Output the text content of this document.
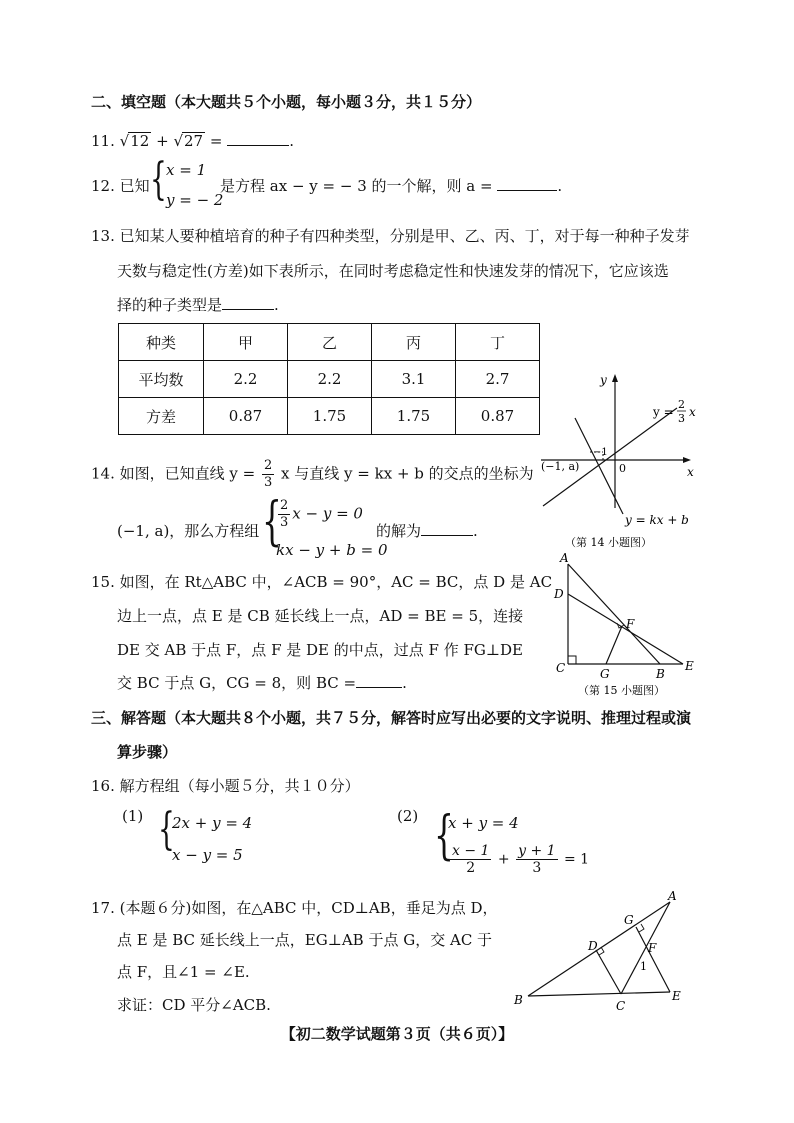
二、填空题（本大题共５个小题，每小题３分，共１５分）
11. √12 + √27 =	.
12. 已知 { x = 1
y = − 2
是方程 ax − y = − 3 的一个解，则 a =	.
13. 已知某人要种植培育的种子有四种类型，分别是甲、乙、丙、丁，对于每一种种子发芽
天数与稳定性(方差)如下表所示，在同时考虑稳定性和快速发芽的情况下，它应该选
择的种子类型是	.
种类	甲	乙	丙	丁
平均数	2.2	2.2	3.1	2.7
方差	0.87	1.75	1.75	0.87
14. 如图，已知直线 $y = \frac{2}{3}$ x 与直线 y = kx + b 的交点的坐标为
(−1, a)，那么方程组 {
$\frac{2}{3}$ x − y = 0
kx − y + b = 0
的解为	.
y
x
0
−1
(−1, a)
y =
2
3 x
y = kx + b
（第 14 小题图）
15. 如图，在 Rt△ABC 中，∠ACB = 90°，AC = BC，点 D 是 AC
边上一点，点 E 是 CB 延长线上一点，AD = BE = 5，连接
DE 交 AB 于点 F，点 F 是 DE 的中点，过点 F 作 FG⊥DE
交 BC 于点 G，CG = 8，则 BC =	.
A
D
F
C	G	B
E
（第 15 小题图）
三、解答题（本大题共８个小题，共７５分，解答时应写出必要的文字说明、推理过程或演
算步骤）
16. 解方程组（每小题５分，共１０分）
(1) {
2x + y = 4
x − y = 5
(2) {
x + y = 4
$\frac{x - 1}{2} + \frac{y + 1}{3} = 1$
17. (本题６分)如图，在△ABC 中，CD⊥AB，垂足为点 D，
点 E 是 BC 延长线上一点，EG⊥AB 于点 G，交 AC 于
点 F，且∠1 = ∠E.
求证：CD 平分∠ACB.
A
G
D	F
1
B	C
E
【初二数学试题第３页（共６页）】
